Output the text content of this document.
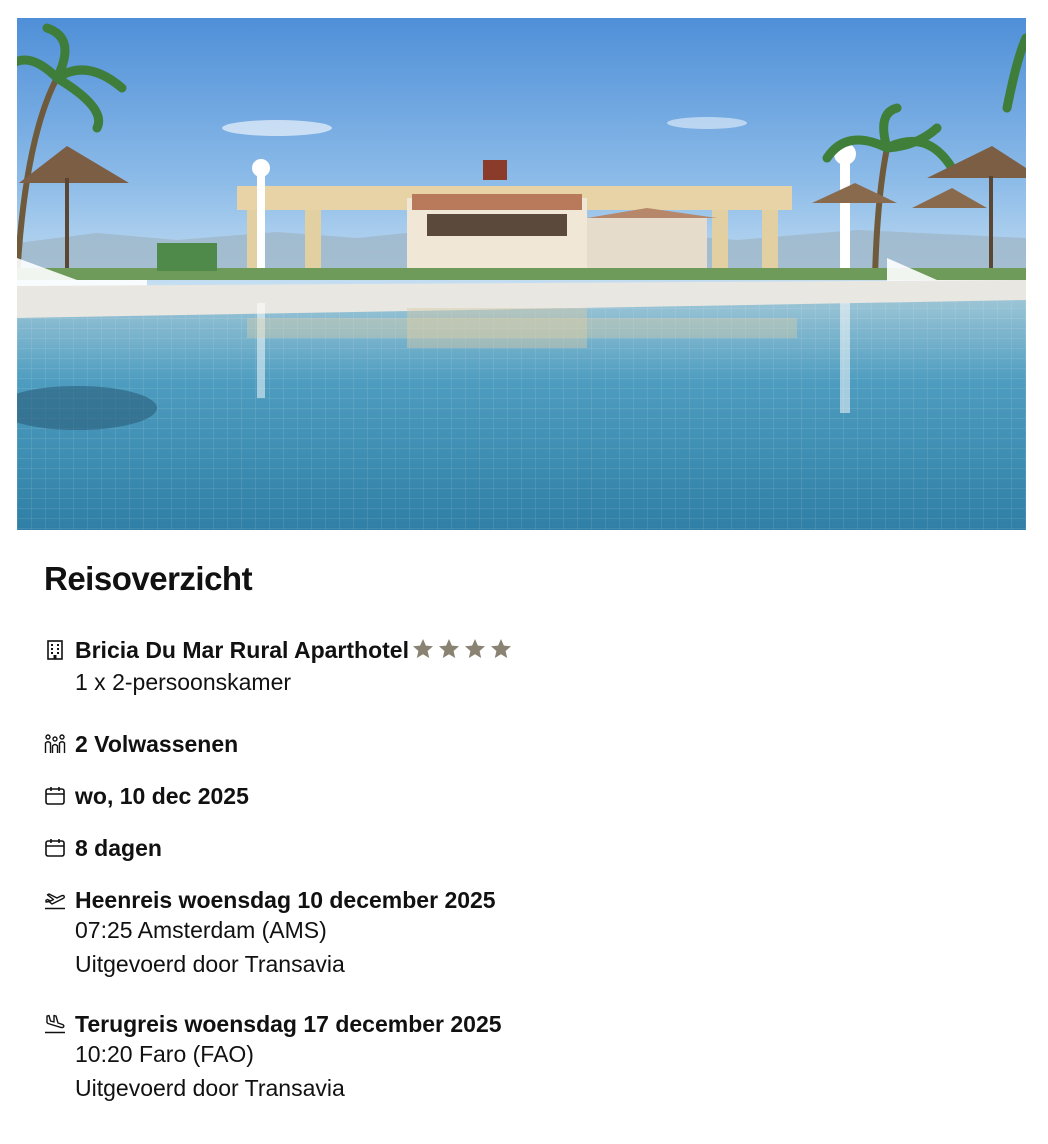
Reisoverzicht
Bricia Du Mar Rural Aparthotel
1 x 2-persoonskamer
2 Volwassenen
wo, 10 dec 2025
8 dagen
Heenreis woensdag 10 december 2025
07:25 Amsterdam (AMS)
Uitgevoerd door Transavia
Terugreis woensdag 17 december 2025
10:20 Faro (FAO)
Uitgevoerd door Transavia
